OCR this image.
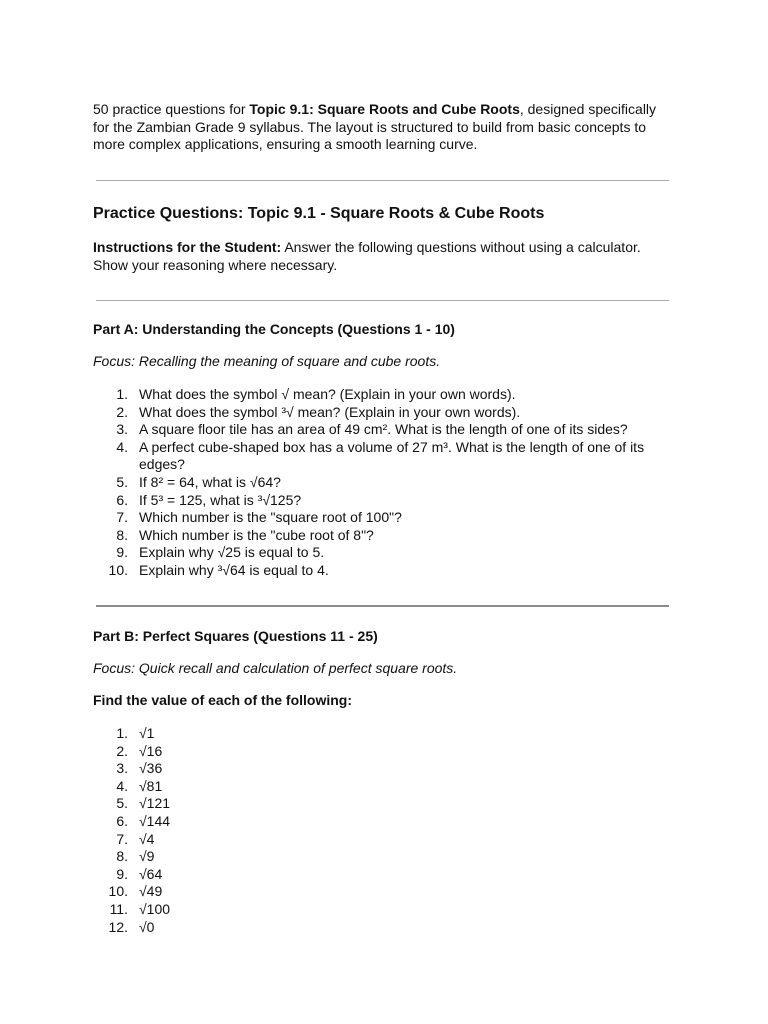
50 practice questions for Topic 9.1: Square Roots and Cube Roots, designed specifically for the Zambian Grade 9 syllabus. The layout is structured to build from basic concepts to more complex applications, ensuring a smooth learning curve.

Practice Questions: Topic 9.1 - Square Roots & Cube Roots

Instructions for the Student: Answer the following questions without using a calculator. Show your reasoning where necessary.

Part A: Understanding the Concepts (Questions 1 - 10)

Focus: Recalling the meaning of square and cube roots.

1. What does the symbol √ mean? (Explain in your own words).
2. What does the symbol ³√ mean? (Explain in your own words).
3. A square floor tile has an area of 49 cm². What is the length of one of its sides?
4. A perfect cube-shaped box has a volume of 27 m³. What is the length of one of its edges?
5. If 8² = 64, what is √64?
6. If 5³ = 125, what is ³√125?
7. Which number is the "square root of 100"?
8. Which number is the "cube root of 8"?
9. Explain why √25 is equal to 5.
10. Explain why ³√64 is equal to 4.

Part B: Perfect Squares (Questions 11 - 25)

Focus: Quick recall and calculation of perfect square roots.

Find the value of each of the following:

1. √1
2. √16
3. √36
4. √81
5. √121
6. √144
7. √4
8. √9
9. √64
10. √49
11. √100
12. √0
